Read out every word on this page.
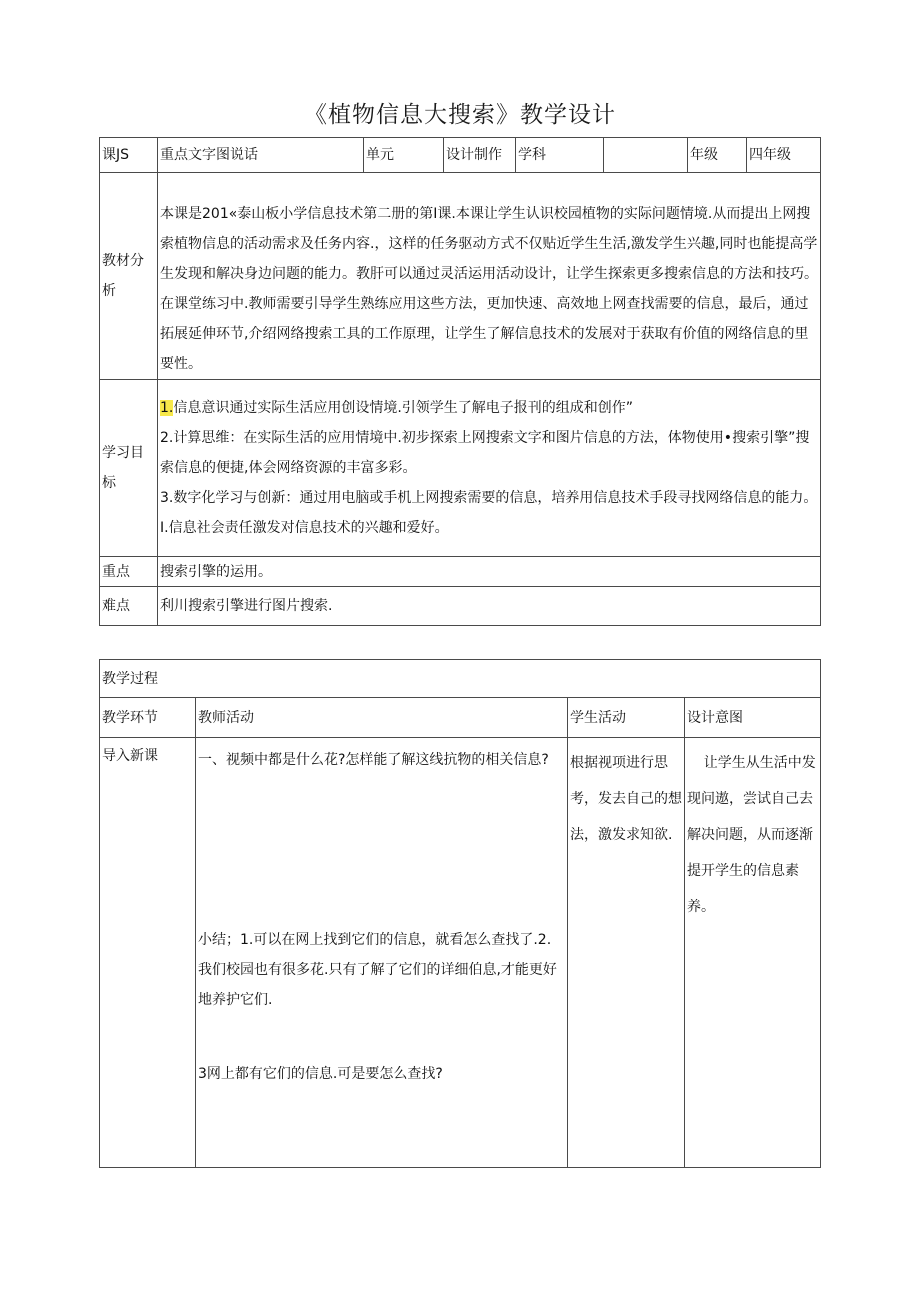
《植物信息大搜索》教学设计
课JS	重点文字图说话	单元	设计制作	学科		年级	四年级
教材分析	本课是201«泰山板小学信息技术第二册的第I课.本课让学生认识校园植物的实际问题情境.从而提出上网搜索植物信息的活动需求及任务内容.，这样的任务驱动方式不仅贴近学生生活,激发学生兴趣,同时也能提高学生发现和解决身边问题的能力。教肝可以通过灵活运用活动设计，让学生探索更多搜索信息的方法和技巧。在课堂练习中.教师需要引导学生熟练应用这些方法，更加快速、高效地上网查找需要的信息，最后，通过拓展延伸环节,介绍网络搜索工具的工作原理，让学生了解信息技术的发展对于获取有价值的网络信息的里要性。						
学习目标	1.信息意识通过实际生活应用创设情境.引领学生了解电子报刊的组成和创作”
2.计算思维：在实际生活的应用情境中.初步探索上网搜索文字和图片信息的方法，体物使用•搜索引擎”搜索信息的便捷,体会网络资源的丰富多彩。
3.数字化学习与创新：通过用电脑或手机上网搜索需要的信息，培养用信息技术手段寻找网络信息的能力。
I.信息社会责任激发对信息技术的兴趣和爱好。						

重点	搜索引擎的运用。						
难点	利川搜索引擎进行图片搜索.						
教学过程			
教学环节	教师活动	学生活动	设计意图
导入新课	一、视频中都是什么花?怎样能了解这线抗物的相关信息?
小结；1.可以在网上找到它们的信息，就看怎么查找了.2.我们校园也有很多花.只有了解了它们的详细伯息,才能更好地养护它们.
3网上都有它们的信息.可是要怎么查找?	根据视项进行思考，发去自己的想法，激发求知欲.	让学生从生活中发现问遨，尝试自己去解决问题，从而逐渐提开学生的信息素养。
